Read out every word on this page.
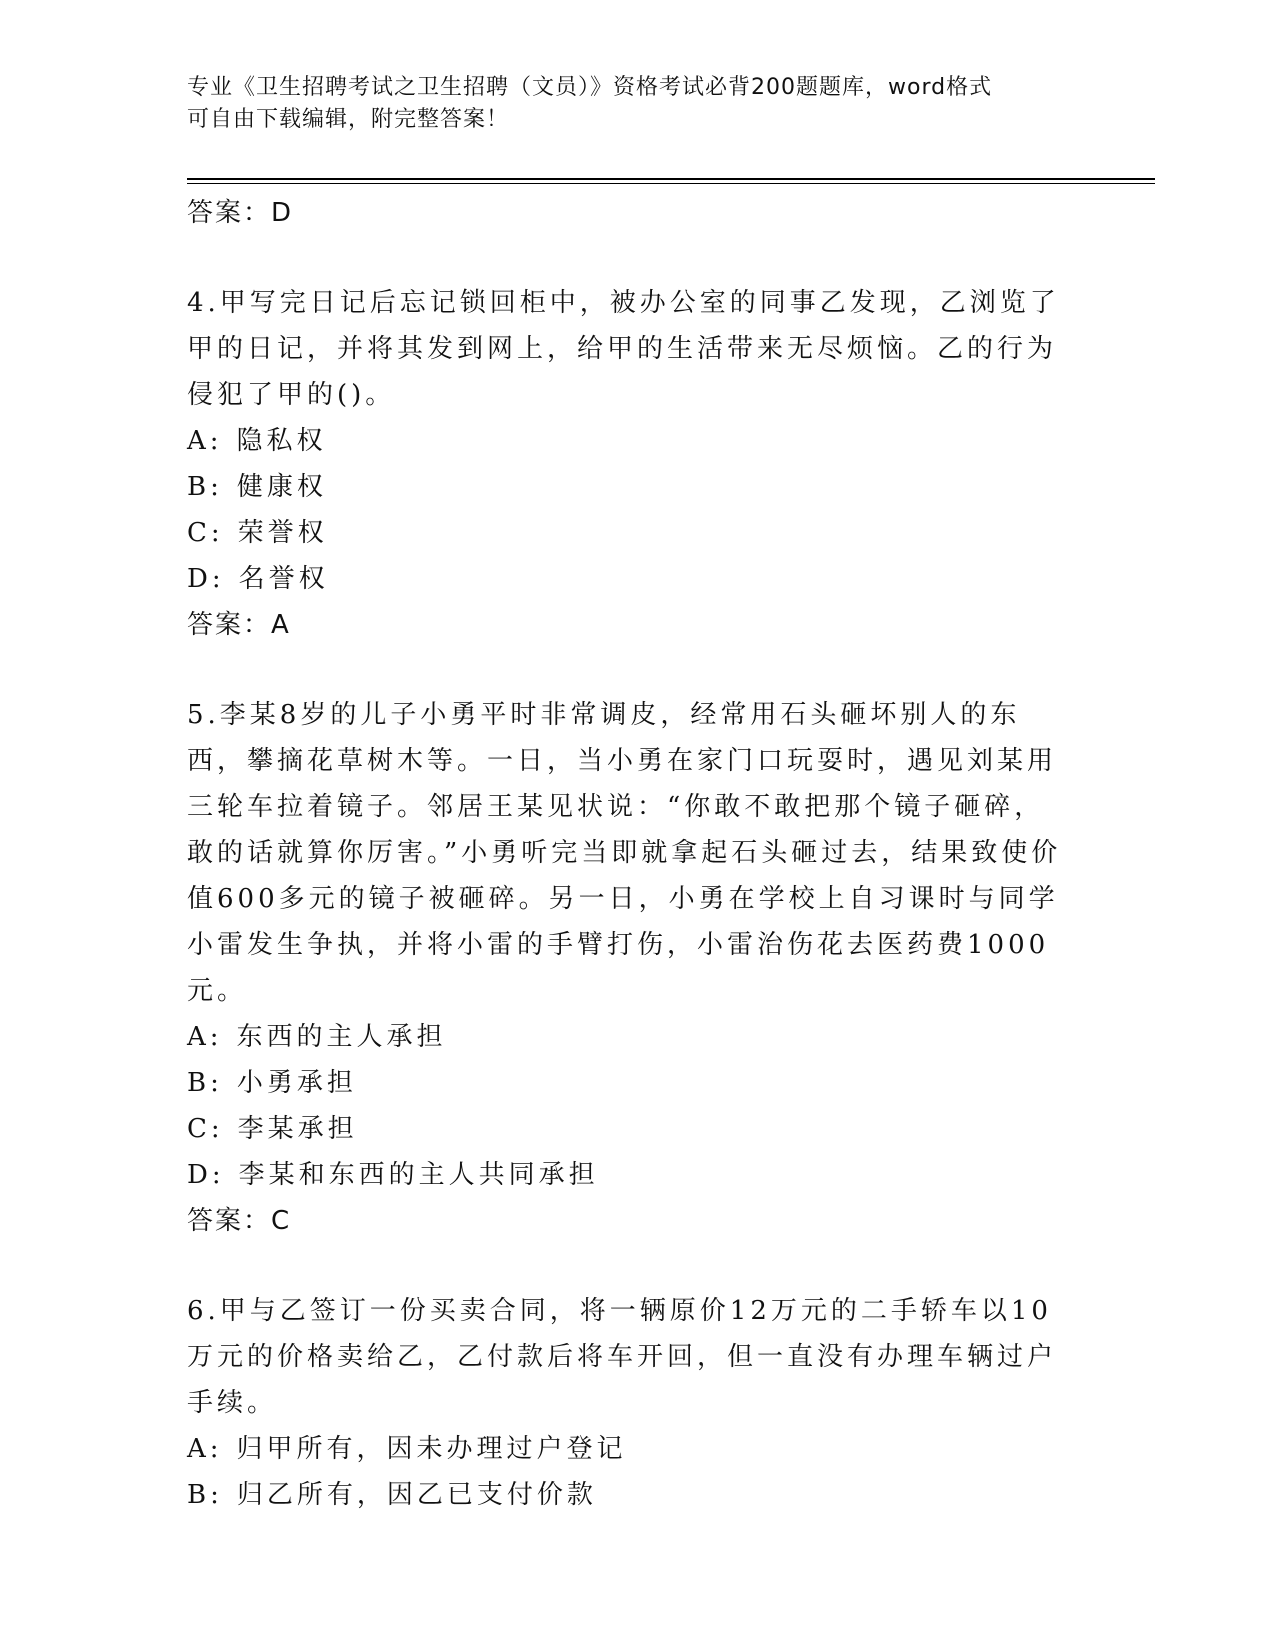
专业《卫生招聘考试之卫生招聘（文员）》资格考试必背200题题库，word格式
可自由下载编辑，附完整答案！
答案：D

4.甲写完日记后忘记锁回柜中，被办公室的同事乙发现，乙浏览了甲的日记，并将其发到网上，给甲的生活带来无尽烦恼。乙的行为侵犯了甲的()。

A: 隐私权
B: 健康权
C: 荣誉权
D: 名誉权
答案：A

5.李某8岁的儿子小勇平时非常调皮，经常用石头砸坏别人的东西，攀摘花草树木等。一日，当小勇在家门口玩耍时，遇见刘某用三轮车拉着镜子。邻居王某见状说：“你敢不敢把那个镜子砸碎，敢的话就算你厉害。”小勇听完当即就拿起石头砸过去，结果致使价值600多元的镜子被砸碎。另一日，小勇在学校上自习课时与同学小雷发生争执，并将小雷的手臂打伤，小雷治伤花去医药费1000元。

A: 东西的主人承担
B: 小勇承担
C: 李某承担
D: 李某和东西的主人共同承担
答案：C

6.甲与乙签订一份买卖合同，将一辆原价12万元的二手轿车以10万元的价格卖给乙，乙付款后将车开回，但一直没有办理车辆过户手续。

A: 归甲所有，因未办理过户登记
B: 归乙所有，因乙已支付价款
